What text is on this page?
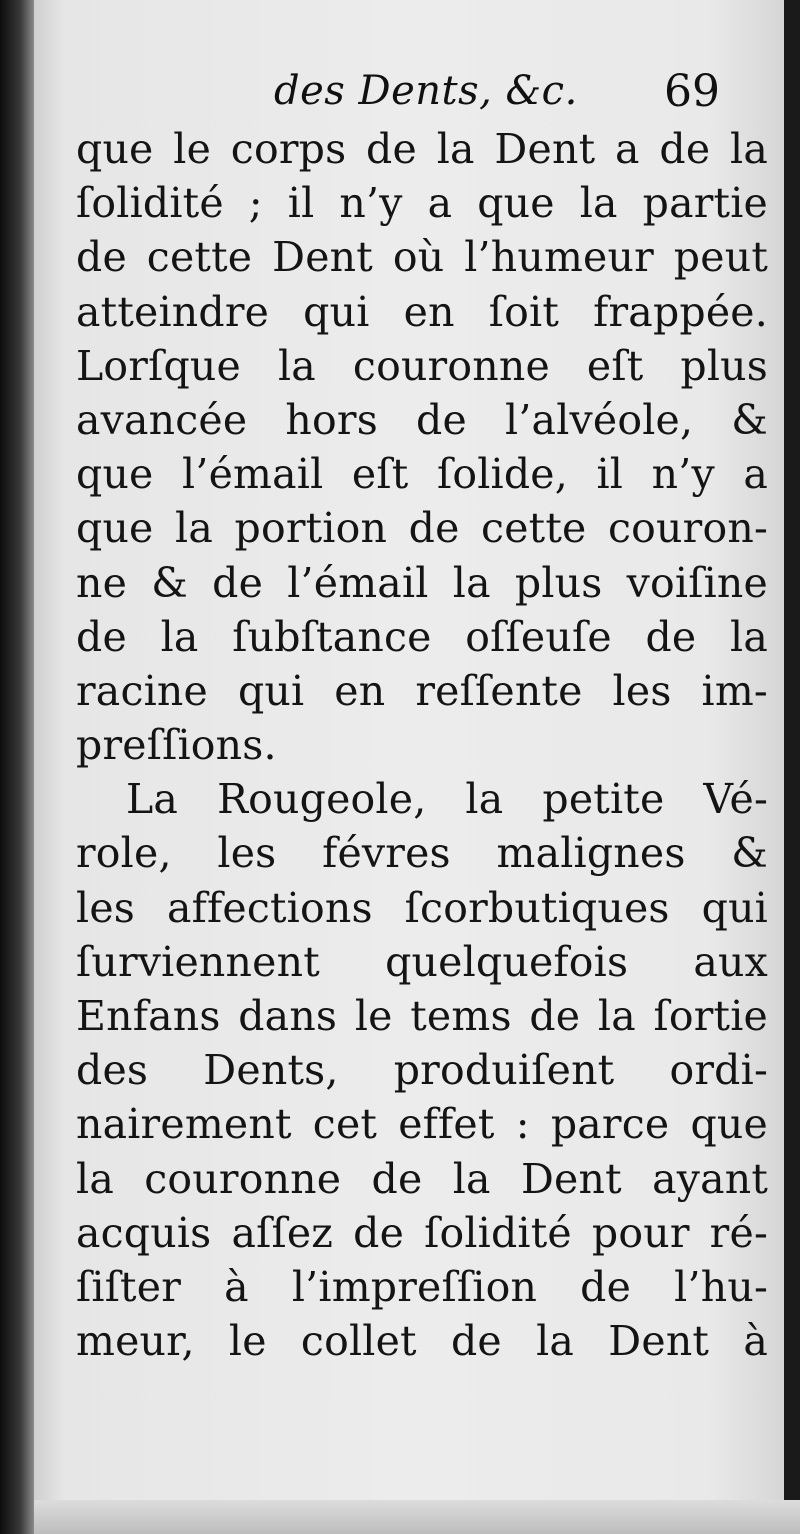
des Dents, &c. 69
que le corps de la Dent a de la
ſolidité ; il n’y a que la partie
de cette Dent où l’humeur peut
atteindre qui en ſoit frappée.
Lorſque la couronne eſt plus
avancée hors de l’alvéole, &
que l’émail eſt ſolide, il n’y a
que la portion de cette couron-
ne & de l’émail la plus voiſine
de la ſubſtance oſſeuſe de la
racine qui en reſſente les im-
preſſions.
La Rougeole, la petite Vé-
role, les févres malignes &
les affections ſcorbutiques qui
ſurviennent quelquefois aux
Enfans dans le tems de la ſortie
des Dents, produiſent ordi-
nairement cet effet : parce que
la couronne de la Dent ayant
acquis aſſez de ſolidité pour ré-
ſiſter à l’impreſſion de l’hu-
meur, le collet de la Dent à
